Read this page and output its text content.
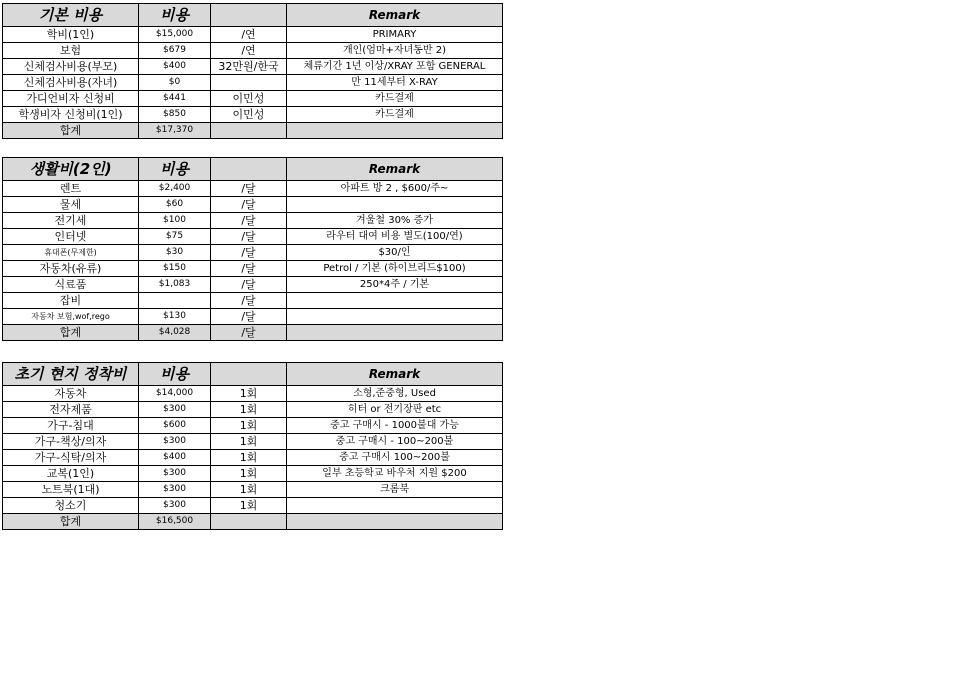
기본 비용	비용		Remark
학비(1인)	$15,000	/연	PRIMARY
보험	$679	/연	개인(엄마+자녀동반 2)
신체검사비용(부모)	$400	32만원/한국	체류기간 1년 이상/XRAY 포함 GENERAL
신체검사비용(자녀)	$0		만 11세부터 X-RAY
가디언비자 신청비	$441	이민성	카드결제
학생비자 신청비(1인)	$850	이민성	카드결제
합계	$17,370		
생활비(2인)	비용		Remark
렌트	$2,400	/달	아파트 방 2 , $600/주~
물세	$60	/달	
전기세	$100	/달	겨울철 30% 증가
인터넷	$75	/달	라우터 대여 비용 별도(100/연)
휴대폰(무제한)	$30	/달	$30/인
자동차(유류)	$150	/달	Petrol / 기본 (하이브리드$100)
식료품	$1,083	/달	250*4주 / 기본
잡비		/달	
자동차 보험,wof,rego	$130	/달	
합계	$4,028	/달	
초기 현지 정착비	비용		Remark
자동차	$14,000	1회	소형,준중형, Used
전자제품	$300	1회	히터 or 전기장판 etc
가구-침대	$600	1회	중고 구매시 - 1000불대 가능
가구-책상/의자	$300	1회	중고 구매시 - 100~200불
가구-식탁/의자	$400	1회	중고 구매시 100~200불
교복(1인)	$300	1회	일부 초등학교 바우처 지원 $200
노트북(1대)	$300	1회	크롬북
청소기	$300	1회	
합계	$16,500		
